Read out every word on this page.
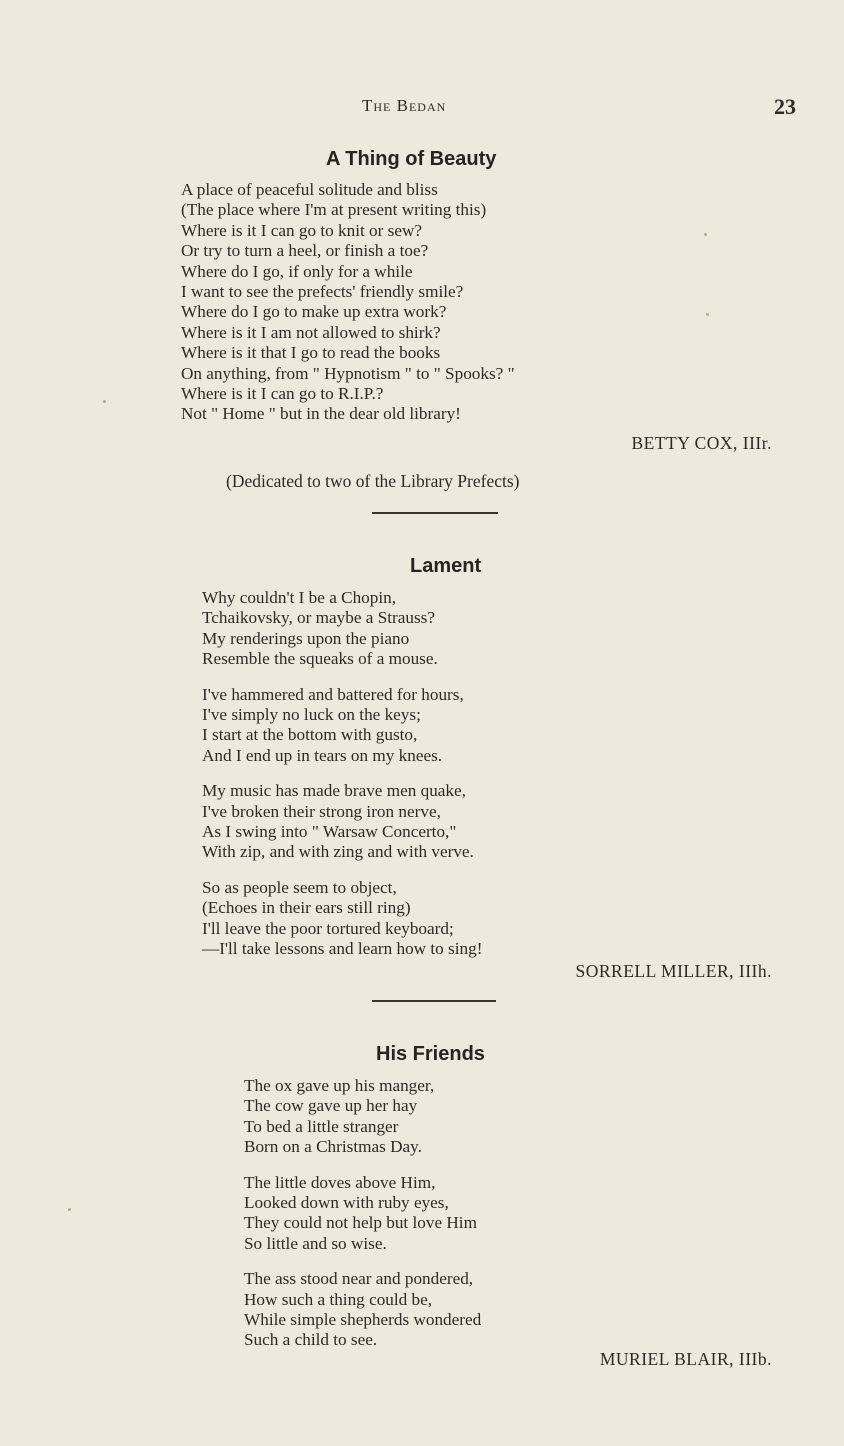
The Bedan	23
A Thing of Beauty
A place of peaceful solitude and bliss
(The place where I'm at present writing this)
Where is it I can go to knit or sew?
Or try to turn a heel, or finish a toe?
Where do I go, if only for a while
I want to see the prefects' friendly smile?
Where do I go to make up extra work?
Where is it I am not allowed to shirk?
Where is it that I go to read the books
On anything, from " Hypnotism " to " Spooks? "
Where is it I can go to R.I.P.?
Not " Home " but in the dear old library!
BETTY COX, IIIr.
(Dedicated to two of the Library Prefects)
Lament
Why couldn't I be a Chopin,
Tchaikovsky, or maybe a Strauss?
My renderings upon the piano
Resemble the squeaks of a mouse.
I've hammered and battered for hours,
I've simply no luck on the keys;
I start at the bottom with gusto,
And I end up in tears on my knees.
My music has made brave men quake,
I've broken their strong iron nerve,
As I swing into " Warsaw Concerto,"
With zip, and with zing and with verve.
So as people seem to object,
(Echoes in their ears still ring)
I'll leave the poor tortured keyboard;
—I'll take lessons and learn how to sing!
SORRELL MILLER, IIIh.
His Friends
The ox gave up his manger,
The cow gave up her hay
To bed a little stranger
Born on a Christmas Day.
The little doves above Him,
Looked down with ruby eyes,
They could not help but love Him
So little and so wise.
The ass stood near and pondered,
How such a thing could be,
While simple shepherds wondered
Such a child to see.
MURIEL BLAIR, IIIb.
